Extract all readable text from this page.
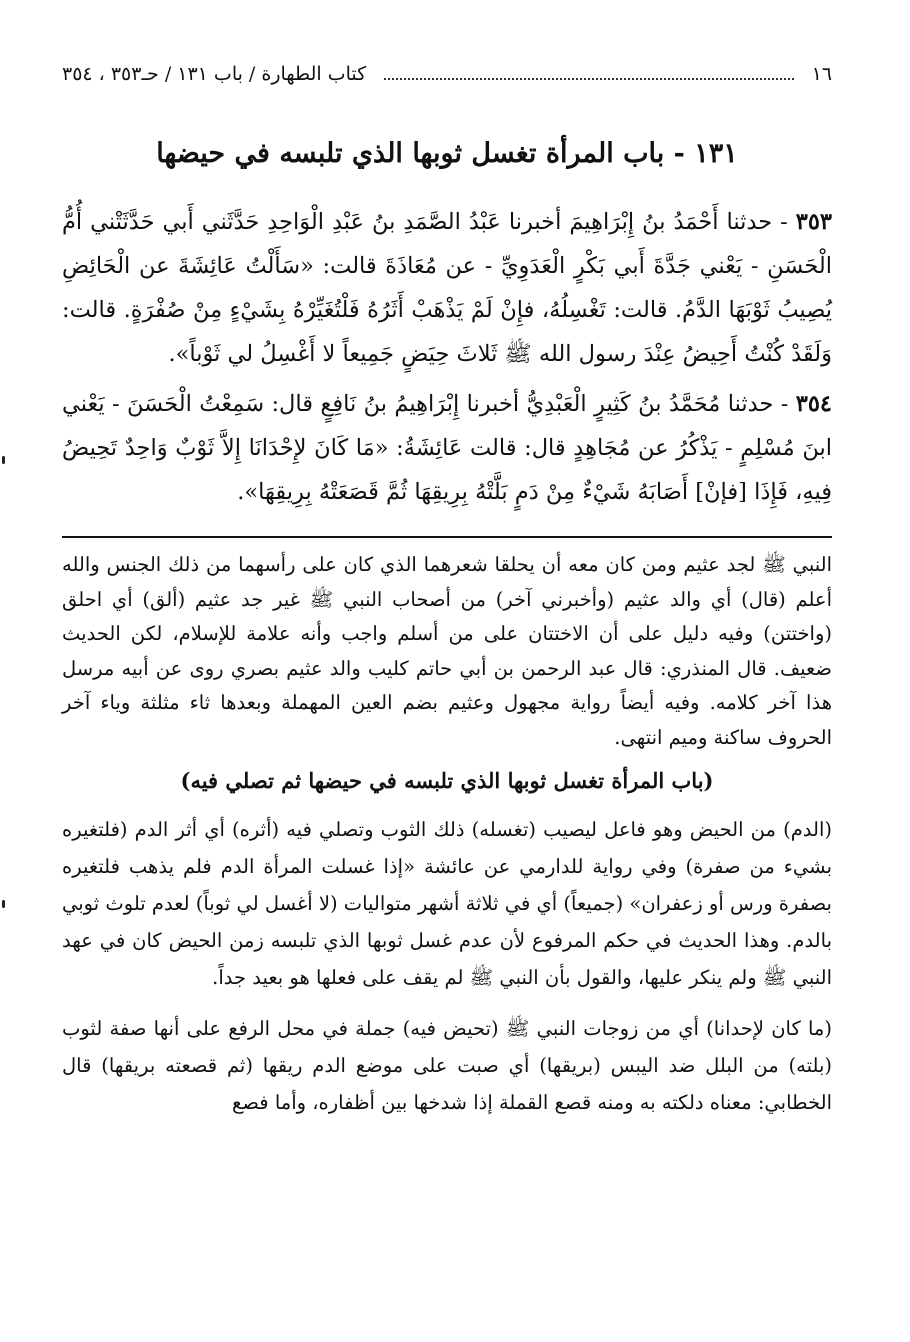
١٦
كتاب الطهارة / باب ١٣١ / حـ٣٥٣ ، ٣٥٤
١٣١ - باب المرأة تغسل ثوبها الذي تلبسه في حيضها

٣٥٣ - حدثنا أَحْمَدُ بنُ إِبْرَاهِيمَ أخبرنا عَبْدُ الصَّمَدِ بنُ عَبْدِ الْوَاحِدِ حَدَّثَني أَبي حَدَّثَتْني أُمُّ الْحَسَنِ - يَعْني جَدَّةَ أَبي بَكْرٍ الْعَدَوِيِّ - عن مُعَاذَةَ قالت: «سَأَلْتُ عَائِشَةَ عن الْحَائِضِ يُصِيبُ ثَوْبَهَا الدَّمُ. قالت: تَغْسِلُهُ، فإِنْ لَمْ يَذْهَبْ أَثَرُهُ فَلْتُغَيِّرْهُ بِشَيْءٍ مِنْ صُفْرَةٍ. قالت: وَلَقَدْ كُنْتُ أَحِيضُ عِنْدَ رسول الله ﷺ ثَلاثَ حِيَضٍ جَمِيعاً لا أَغْسِلُ لي ثَوْباً».

٣٥٤ - حدثنا مُحَمَّدُ بنُ كَثِيرٍ الْعَبْدِيُّ أخبرنا إِبْرَاهِيمُ بنُ نَافِعٍ قال: سَمِعْتُ الْحَسَنَ - يَعْني ابنَ مُسْلِمٍ - يَذْكُرُ عن مُجَاهِدٍ قال: قالت عَائِشَةُ: «مَا كَانَ لإِحْدَانَا إِلاَّ ثَوْبٌ وَاحِدٌ تَحِيضُ فِيهِ، فَإِذَا [فإنْ] أَصَابَهُ شَيْءٌ مِنْ دَمٍ بَلَّتْهُ بِرِيقِهَا ثُمَّ قَصَعَتْهُ بِرِيقِهَا».

النبي ﷺ لجد عثيم ومن كان معه أن يحلقا شعرهما الذي كان على رأسهما من ذلك الجنس والله أعلم (قال) أي والد عثيم (وأخبرني آخر) من أصحاب النبي ﷺ غير جد عثيم (ألق) أي احلق (واختتن) وفيه دليل على أن الاختتان على من أسلم واجب وأنه علامة للإسلام، لكن الحديث ضعيف. قال المنذري: قال عبد الرحمن بن أبي حاتم كليب والد عثيم بصري روى عن أبيه مرسل هذا آخر كلامه. وفيه أيضاً رواية مجهول وعثيم بضم العين المهملة وبعدها ثاء مثلثة وياء آخر الحروف ساكنة وميم انتهى.

(باب المرأة تغسل ثوبها الذي تلبسه في حيضها ثم تصلي فيه)

(الدم) من الحيض وهو فاعل ليصيب (تغسله) ذلك الثوب وتصلي فيه (أثره) أي أثر الدم (فلتغيره بشيء من صفرة) وفي رواية للدارمي عن عائشة «إذا غسلت المرأة الدم فلم يذهب فلتغيره بصفرة ورس أو زعفران» (جميعاً) أي في ثلاثة أشهر متواليات (لا أغسل لي ثوباً) لعدم تلوث ثوبي بالدم. وهذا الحديث في حكم المرفوع لأن عدم غسل ثوبها الذي تلبسه زمن الحيض كان في عهد النبي ﷺ ولم ينكر عليها، والقول بأن النبي ﷺ لم يقف على فعلها هو بعيد جداً.

(ما كان لإحدانا) أي من زوجات النبي ﷺ (تحيض فيه) جملة في محل الرفع على أنها صفة لثوب (بلته) من البلل ضد اليبس (بريقها) أي صبت على موضع الدم ريقها (ثم قصعته بريقها) قال الخطابي: معناه دلكته به ومنه قصع القملة إذا شدخها بين أظفاره، وأما فصع
